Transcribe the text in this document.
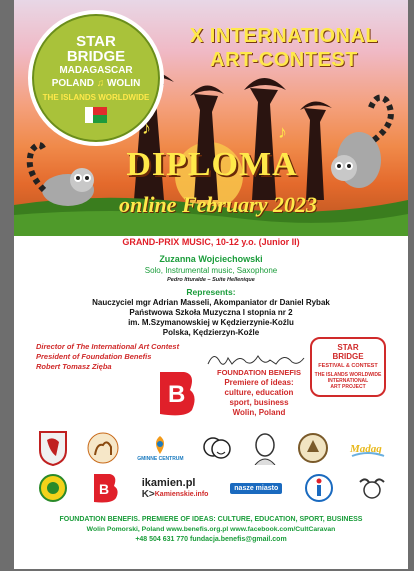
STAR
BRIDGE
MADAGASCAR
POLAND ♫ WOLIN
THE ISLANDS WORLDWIDE
X INTERNATIONAL
ART-CONTEST
♪	♪
DIPLOMA
online February 2023
GRAND-PRIX MUSIC, 10-12 y.o. (Junior II)
Zuzanna Wojciechowski
Solo, Instrumental music, Saxophone
Pedro Itturalde – Suite Hellenique
Represents:
Nauczyciel mgr Adrian Masseli, Akompaniator dr Daniel Rybak
Państwowa Szkoła Muzyczna I stopnia nr 2
im. M.Szymanowskiej w Kędzierzynie-Koźlu
Polska, Kędzierzyn-Koźle
Director of The International Art Contest
President of Foundation Benefis
Robert Tomasz Zięba
STAR
BRIDGE
FESTIVAL & CONTEST
THE ISLANDS WORLDWIDE
INTERNATIONAL
ART PROJECT
B
FOUNDATION BENEFIS
Premiere of ideas:
culture, education
sport, business
Wolin, Poland
GMINNE CENTRUM
Madag
B	ikamien.pl
K> Kamienskie.info
nasze miasto
FOUNDATION BENEFIS. PREMIERE OF IDEAS: CULTURE, EDUCATION, SPORT, BUSINESS
Wolin Pomorski, Poland www.benefis.org.pl www.facebook.com/CultCaravan
+48 504 631 770 fundacja.benefis@gmail.com
